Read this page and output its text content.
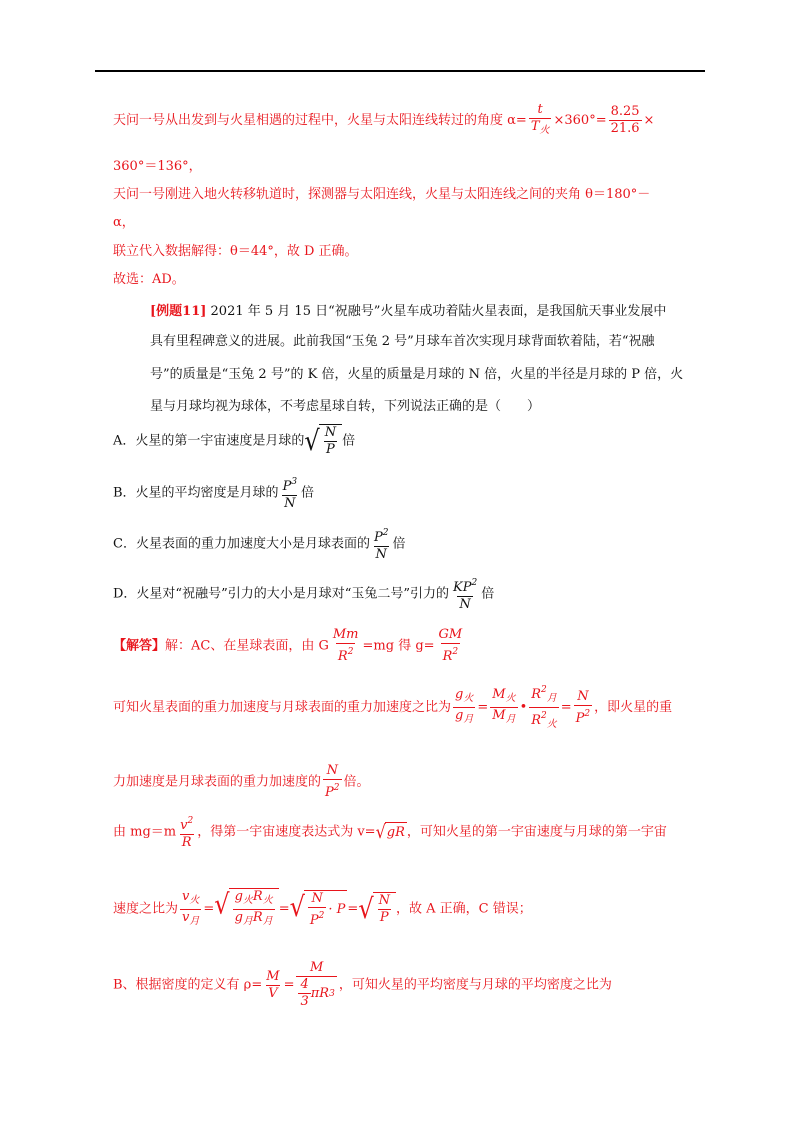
天问一号从出发到与火星相遇的过程中，火星与太阳连线转过的角度 $\alpha= \frac{t}{T_火} \times 360^\circ= \frac{8.25}{21.6}$ ×
360°＝136°，
天问一号刚进入地火转移轨道时，探测器与太阳连线，火星与太阳连线之间的夹角 θ＝180°－
α，
联立代入数据解得：θ＝44°，故 D 正确。
故选：AD。
[例题11] 2021 年 5 月 15 日“祝融号”火星车成功着陆火星表面，是我国航天事业发展中
具有里程碑意义的进展。此前我国“玉兔 2 号”月球车首次实现月球背面软着陆，若“祝融
号”的质量是“玉兔 2 号”的 K 倍，火星的质量是月球的 N 倍，火星的半径是月球的 P 倍，火
星与月球均视为球体，不考虑星球自转，下列说法正确的是（　　）
A．火星的第一宇宙速度是月球的 √ $\frac{N}{P}$ 倍
B．火星的平均密度是月球的 $\frac{P^3}{N}$ 倍
C．火星表面的重力加速度大小是月球表面的 $\frac{P^2}{N}$ 倍
D．火星对“祝融号”引力的大小是月球对“玉兔二号”引力的 $\frac{KP^2}{N}$ 倍
【解答】解：AC、在星球表面，由 G $\frac{Mm}{R^2} =mg$ 得 $g= \frac{GM}{R^2}$
可知火星表面的重力加速度与月球表面的重力加速度之比为 $\frac{g_火}{g_月} = \frac{M_火}{M_月}$ • $\frac{R^2_月}{R^2_火} = \frac{N}{P^2}$ ，即火星的重
力加速度是月球表面的重力加速度的 $\frac{N}{P^2}$ 倍。
由 $mg=m \frac{v^2}{R}$ ，得第一宇宙速度表达式为 v= √ gR ，可知火星的第一宇宙速度与月球的第一宇宙
速度之比为 $\frac{v_火}{v_月}$ = √ $\frac{g_火R_火}{g_月R_月}$ = √ $\frac{N}{P^2} \cdot P$ = √ $\frac{N}{P}$ ，故 A 正确，C 错误；
B、根据密度的定义有 $\rho= \frac{M}{V} = \frac{M}{\frac{4}{3} \pi R 3}$ ，可知火星的平均密度与月球的平均密度之比为
